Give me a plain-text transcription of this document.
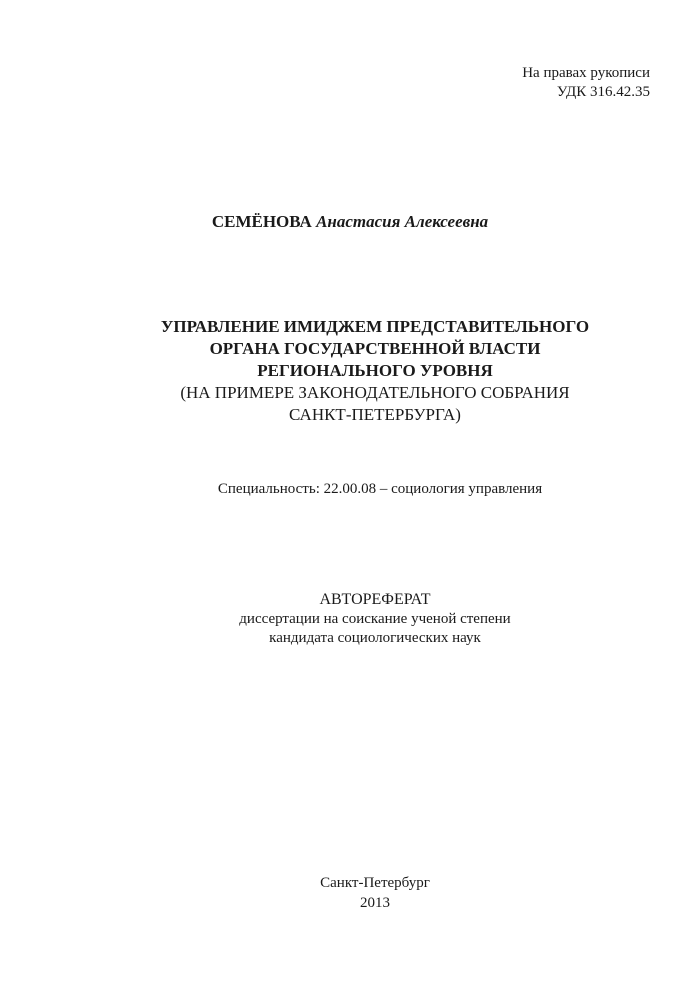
На правах рукописи
УДК 316.42.35
СЕМЁНОВА Анастасия Алексеевна
УПРАВЛЕНИЕ ИМИДЖЕМ ПРЕДСТАВИТЕЛЬНОГО
ОРГАНА ГОСУДАРСТВЕННОЙ ВЛАСТИ
РЕГИОНАЛЬНОГО УРОВНЯ
(НА ПРИМЕРЕ ЗАКОНОДАТЕЛЬНОГО СОБРАНИЯ
САНКТ-ПЕТЕРБУРГА)
Специальность: 22.00.08 – социология управления
АВТОРЕФЕРАТ
диссертации на соискание ученой степени
кандидата социологических наук
Санкт-Петербург
2013
